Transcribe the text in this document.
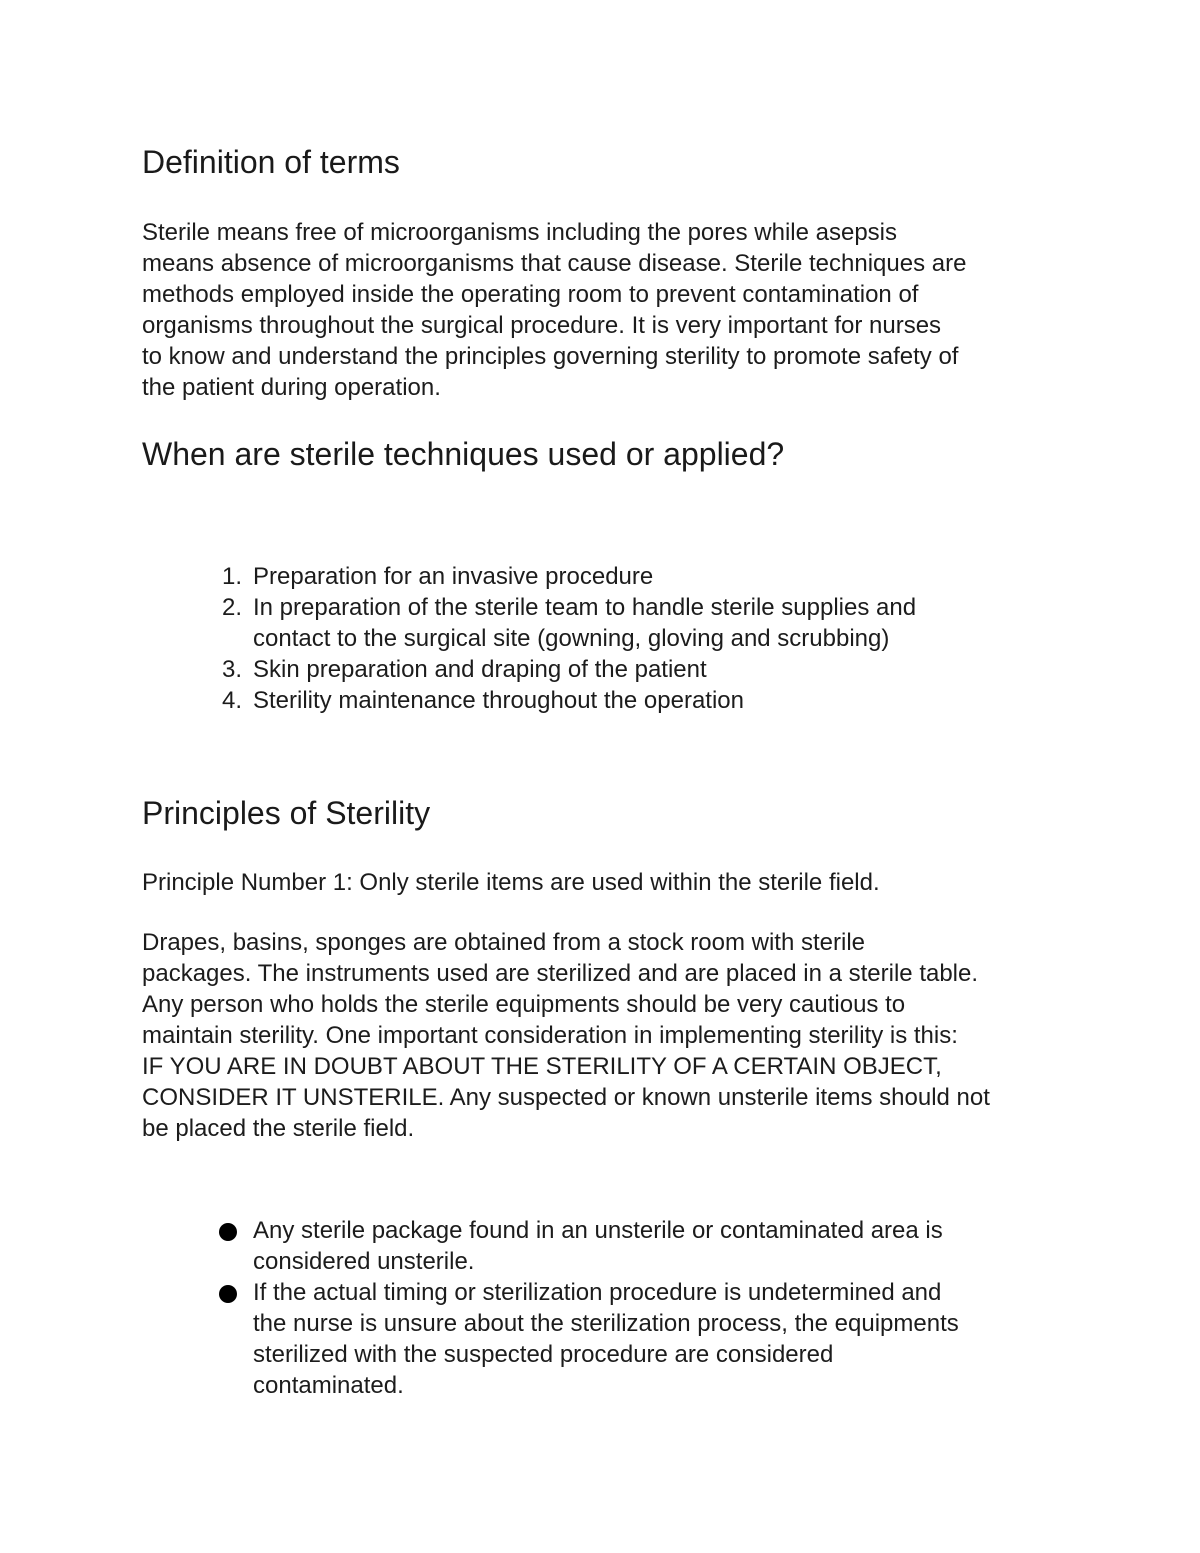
Definition of terms

Sterile means free of microorganisms including the pores while asepsis
means absence of microorganisms that cause disease. Sterile techniques are
methods employed inside the operating room to prevent contamination of
organisms throughout the surgical procedure. It is very important for nurses
to know and understand the principles governing sterility to promote safety of
the patient during operation.

When are sterile techniques used or applied?
1. Preparation for an invasive procedure
2. In preparation of the sterile team to handle sterile supplies and
contact to the surgical site (gowning, gloving and scrubbing)
3. Skin preparation and draping of the patient
4. Sterility maintenance throughout the operation
Principles of Sterility

Principle Number 1: Only sterile items are used within the sterile field.

Drapes, basins, sponges are obtained from a stock room with sterile
packages. The instruments used are sterilized and are placed in a sterile table.
Any person who holds the sterile equipments should be very cautious to
maintain sterility. One important consideration in implementing sterility is this:
IF YOU ARE IN DOUBT ABOUT THE STERILITY OF A CERTAIN OBJECT,
CONSIDER IT UNSTERILE. Any suspected or known unsterile items should not
be placed the sterile field.

Any sterile package found in an unsterile or contaminated area is
considered unsterile.
If the actual timing or sterilization procedure is undetermined and
the nurse is unsure about the sterilization process, the equipments
sterilized with the suspected procedure are considered
contaminated.
